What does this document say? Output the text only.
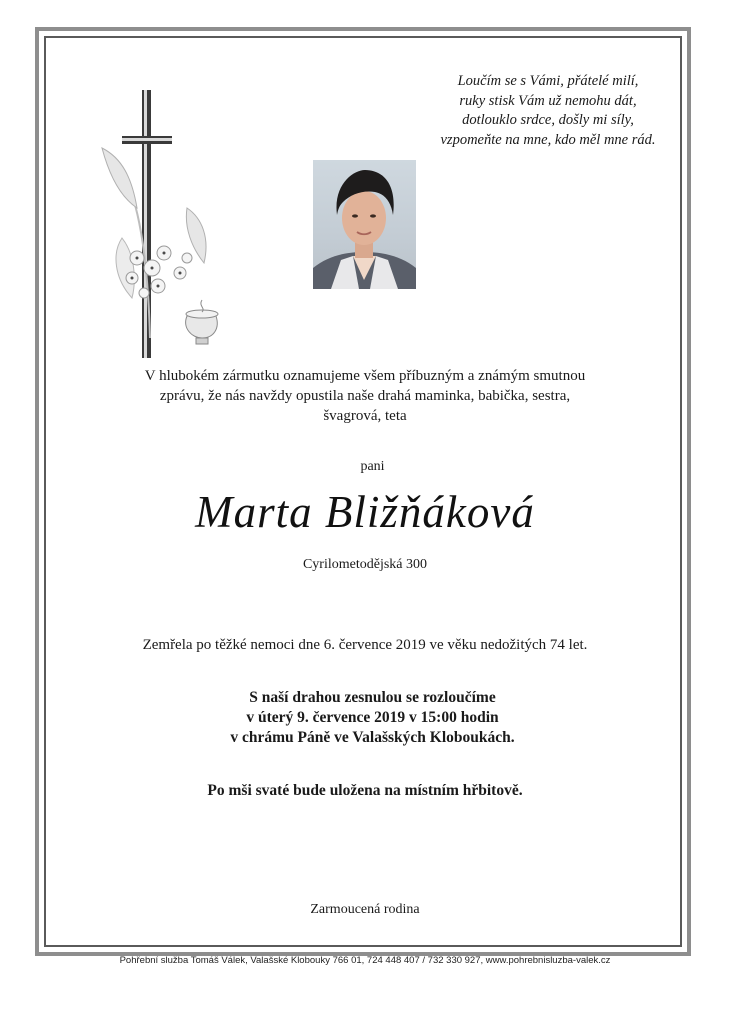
Loučím se s Vámi, přátelé milí,
ruky stisk Vám už nemohu dát,
dotlouklo srdce, došly mi síly,
vzpomeňte na mne, kdo měl mne rád.
V hlubokém zármutku oznamujeme všem příbuzným a známým smutnou
zprávu, že nás navždy opustila naše drahá maminka, babička, sestra,
švagrová, teta
pani
Marta Bližňáková
Cyrilometodějská 300
Zemřela po těžké nemoci dne 6. července 2019 ve věku nedožitých 74 let.
S naší drahou zesnulou se rozloučíme
v úterý 9. července 2019 v 15:00 hodin
v chrámu Páně ve Valašských Kloboukách.
Po mši svaté bude uložena na místním hřbitově.
Zarmoucená rodina
Pohřební služba Tomáš Válek, Valašské Klobouky 766 01, 724 448 407 / 732 330 927, www.pohrebnisluzba-valek.cz
